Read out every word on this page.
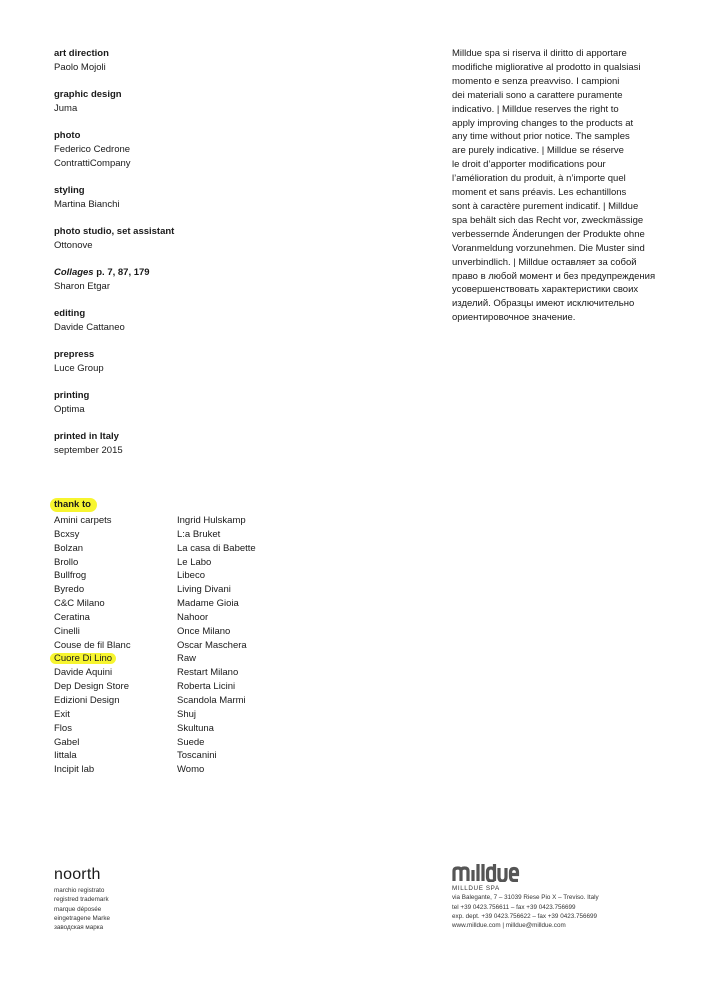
art direction
Paolo Mojoli
graphic design
Juma
photo
Federico Cedrone
ContrattiCompany
styling
Martina Bianchi
photo studio, set assistant
Ottonove
Collages p. 7, 87, 179
Sharon Etgar
editing
Davide Cattaneo
prepress
Luce Group
printing
Optima
printed in Italy
september 2015
Milldue spa si riserva il diritto di apportare
modifiche migliorative al prodotto in qualsiasi
momento e senza preavviso. I campioni
dei materiali sono a carattere puramente
indicativo. | Milldue reserves the right to
apply improving changes to the products at
any time without prior notice. The samples
are purely indicative. | Milldue se réserve
le droit d’apporter modifications pour
l’amélioration du produit, à n’importe quel
moment et sans préavis. Les echantillons
sont à caractère purement indicatif. | Milldue
spa behält sich das Recht vor, zweckmässige
verbessernde Änderungen der Produkte ohne
Voranmeldung vorzunehmen. Die Muster sind
unverbindlich. | Milldue оставляет за собой
право в любой момент и без предупреждения
усовершенствовать характеристики своих
изделий. Образцы имеют исключительно
ориентировочное значение.
thank to
Amini carpets
Bcxsy
Bolzan
Brollo
Bullfrog
Byredo
C&C Milano
Ceratina
Cinelli
Couse de fil Blanc
Cuore Di Lino
Davide Aquini
Dep Design Store
Edizioni Design
Exit
Flos
Gabel
Iittala
Incipit lab
Ingrid Hulskamp
L:a Bruket
La casa di Babette
Le Labo
Libeco
Living Divani
Madame Gioia
Nahoor
Once Milano
Oscar Maschera
Raw
Restart Milano
Roberta Licini
Scandola Marmi
Shuj
Skultuna
Suede
Toscanini
Womo
noorth
marchio registrato
registred trademark
marque déposée
eingetragene Marke
заводская марка
MILLDUE SPA
via Balegante, 7 – 31039 Riese Pio X – Treviso. Italy
tel +39 0423.756611 – fax +39 0423.756699
exp. dept. +39 0423.756622 – fax +39 0423.756699
www.milldue.com | milldue@milldue.com
